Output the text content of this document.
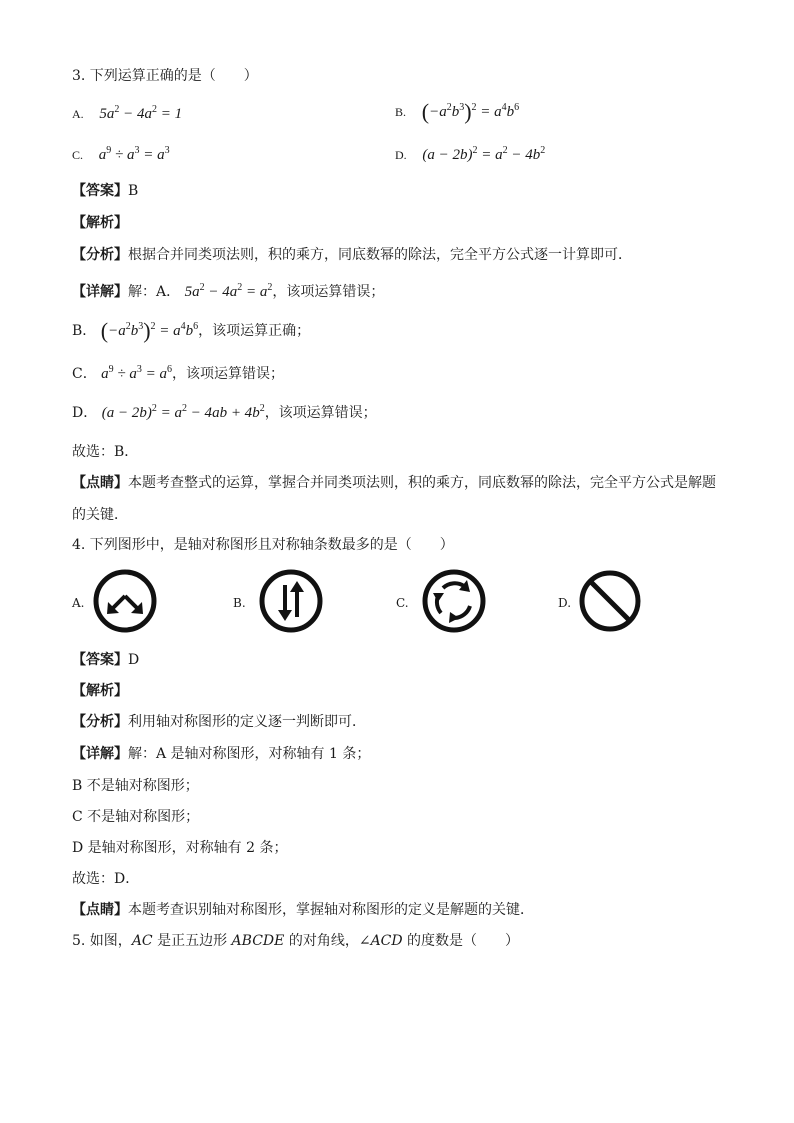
3. 下列运算正确的是（　　）
A. $5a^2 - 4a^2 = 1$	B. $(-a^2b^3)^2 = a^4b^6$
C. $a^9 \div a^3 = a^3$	D. $(a - 2b)^2 = a^2 - 4b^2$
【答案】B
【解析】
【分析】根据合并同类项法则，积的乘方，同底数幂的除法，完全平方公式逐一计算即可．
【详解】解：A． $5a^2 - 4a^2 = a^2$，该项运算错误；
B． $(-a^2b^3)^2 = a^4b^6$，该项运算正确；
C． $a^9 \div a^3 = a^6$，该项运算错误；
D． $(a - 2b)^2 = a^2 - 4ab + 4b^2$，该项运算错误；
故选：B．
【点睛】本题考查整式的运算，掌握合并同类项法则，积的乘方，同底数幂的除法，完全平方公式是解题
的关键．
4. 下列图形中，是轴对称图形且对称轴条数最多的是（　　）
A.	B.	C.	D.
【答案】D
【解析】
【分析】利用轴对称图形的定义逐一判断即可．
【详解】解：A 是轴对称图形，对称轴有 1 条；
B 不是轴对称图形；
C 不是轴对称图形；
D 是轴对称图形，对称轴有 2 条；
故选：D．
【点睛】本题考查识别轴对称图形，掌握轴对称图形的定义是解题的关键．
5. 如图，AC 是正五边形 ABCDE 的对角线，∠ACD 的度数是（　　）
